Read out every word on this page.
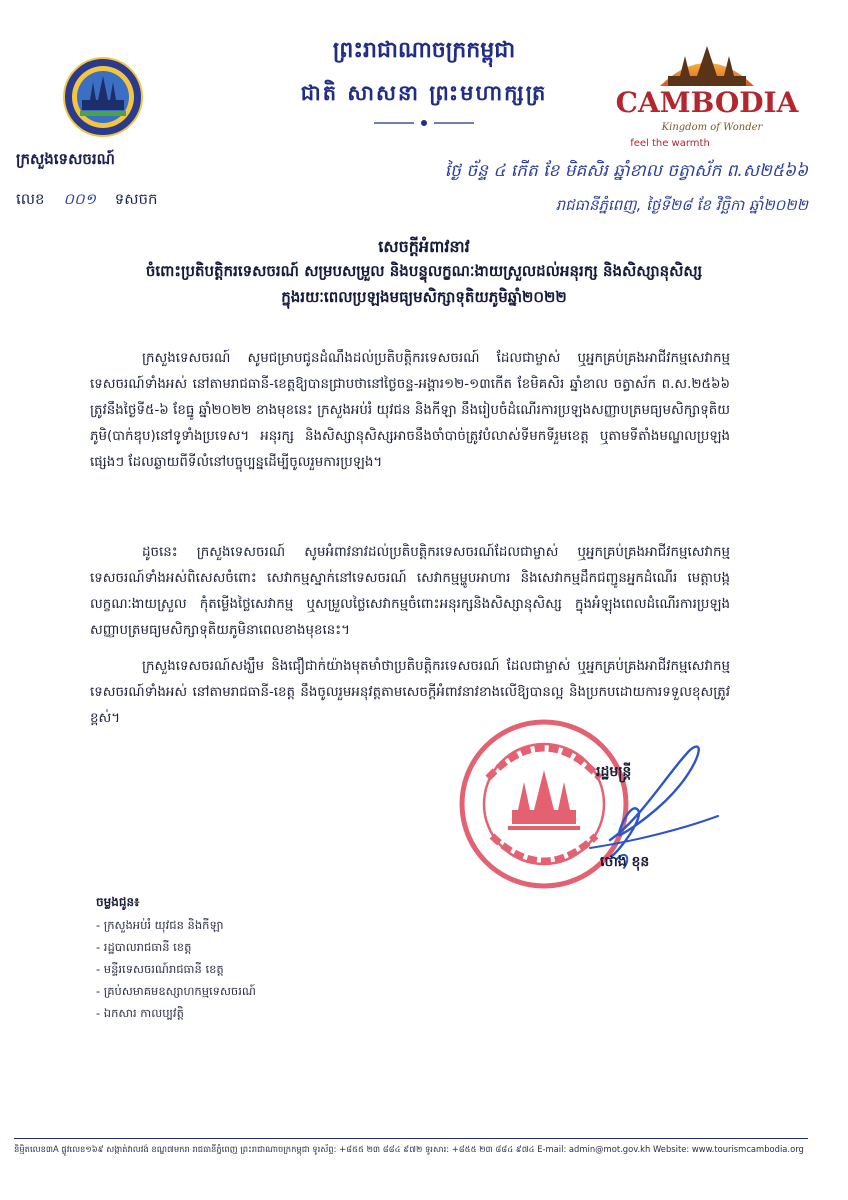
ព្រះរាជាណាចក្រកម្ពុជា
ជាតិ សាសនា ព្រះមហាក្សត្រ	CAMBODIA
Kingdom of Wonder
feel the warmth
ក្រសួងទេសចរណ៍
លេខ ០០១ ទសចក
ថ្ងៃ ច័ន្ទ ៤ កើត ខែ មិគសិរ ឆ្នាំខាល ចត្វាស័ក ព.ស២៥៦៦
រាជធានីភ្នំពេញ, ថ្ងៃទី២៨ ខែ វិច្ឆិកា ឆ្នាំ២០២២
សេចក្តីអំពាវនាវ
ចំពោះប្រតិបត្តិករទេសចរណ៍ សម្របសម្រួល និងបន្ទុលក្ខណៈងាយស្រួលដល់អនុរក្ស និងសិស្សានុសិស្ស
ក្នុងរយៈពេលប្រឡងមធ្យមសិក្សាទុតិយភូមិឆ្នាំ២០២២
ក្រសួងទេសចរណ៍ សូមជម្រាបជូនដំណឹងដល់ប្រតិបត្តិករទេសចរណ៍ ដែលជាម្ចាស់ ឬអ្នកគ្រប់គ្រងអាជីវកម្មសេវាកម្មទេសចរណ៍ទាំងអស់ នៅតាមរាជធានី-ខេត្តឱ្យបានជ្រាបថានៅថ្ងៃចន្ទ-អង្គារ១២-១៣កើត ខែមិគសិរ ឆ្នាំខាល ចត្វាស័ក ព.ស.២៥៦៦ ត្រូវនឹងថ្ងៃទី៥-៦ ខែធ្នូ ឆ្នាំ២០២២ ខាងមុខនេះ ក្រសួងអប់រំ យុវជន និងកីឡា នឹងរៀបចំដំណើរការប្រឡងសញ្ញាបត្រមធ្យមសិក្សាទុតិយភូមិ(បាក់ឌុប)នៅទូទាំងប្រទេស។ អនុរក្ស និងសិស្សានុសិស្សអាចនឹងចាំបាច់ត្រូវបំលាស់ទីមកទីរួមខេត្ត ឬតាមទីតាំងមណ្ឌលប្រឡងផ្សេងៗ ដែលឆ្ងាយពីទីលំនៅបច្ចុប្បន្នដើម្បីចូលរួមការប្រឡង។
ដូចនេះ ក្រសួងទេសចរណ៍ សូមអំពាវនាវដល់ប្រតិបត្តិករទេសចរណ៍ដែលជាម្ចាស់ ឬអ្នកគ្រប់គ្រងអាជីវកម្មសេវាកម្មទេសចរណ៍ទាំងអស់ពិសេសចំពោះ សេវាកម្មស្នាក់នៅទេសចរណ៍ សេវាកម្មម្ហូបអាហារ និងសេវាកម្មដឹកជញ្ជូនអ្នកដំណើរ មេត្តាបង្កលក្ខណៈងាយស្រួល កុំតម្លើងថ្លៃសេវាកម្ម ឬសម្រួលថ្លៃសេវាកម្មចំពោះអនុរក្សនិងសិស្សានុសិស្ស ក្នុងអំឡុងពេលដំណើរការប្រឡងសញ្ញាបត្រមធ្យមសិក្សាទុតិយភូមិនាពេលខាងមុខនេះ។
ក្រសួងទេសចរណ៍សង្ឃឹម និងជឿជាក់យ៉ាងមុតមាំថាប្រតិបត្តិករទេសចរណ៍ ដែលជាម្ចាស់ ឬអ្នកគ្រប់គ្រងអាជីវកម្មសេវាកម្មទេសចរណ៍ទាំងអស់ នៅតាមរាជធានី-ខេត្ត នឹងចូលរួមអនុវត្តតាមសេចក្តីអំពាវនាវខាងលើឱ្យបានល្អ និងប្រកបដោយការទទួលខុសត្រូវខ្ពស់។
រដ្ឋមន្ត្រី
ថោង ខុន
ចម្លងជូន៖
- ក្រសួងអប់រំ យុវជន និងកីឡា
- រដ្ឋបាលរាជធានី ខេត្ត
- មន្ទីរទេសចរណ៍រាជធានី ខេត្ត
- គ្រប់សមាគមឧស្សាហកម្មទេសចរណ៍
- ឯកសារ កាលប្បវត្តិ
និម្មិតលេខ៣A ផ្លូវលេខ១៦៩ សង្កាត់វាលវង់ ខណ្ឌ៧មករា រាជធានីភ្នំពេញ ព្រះរាជាណាចក្រកម្ពុជា ទូរស័ព្ទ: +៨៥៥ ២៣ ៨៨៤ ៩៧២ ទូរសារ: +៨៥៥ ២៣ ៨៨៤ ៩៧៤ E-mail: admin@mot.gov.kh Website: www.tourismcambodia.org
